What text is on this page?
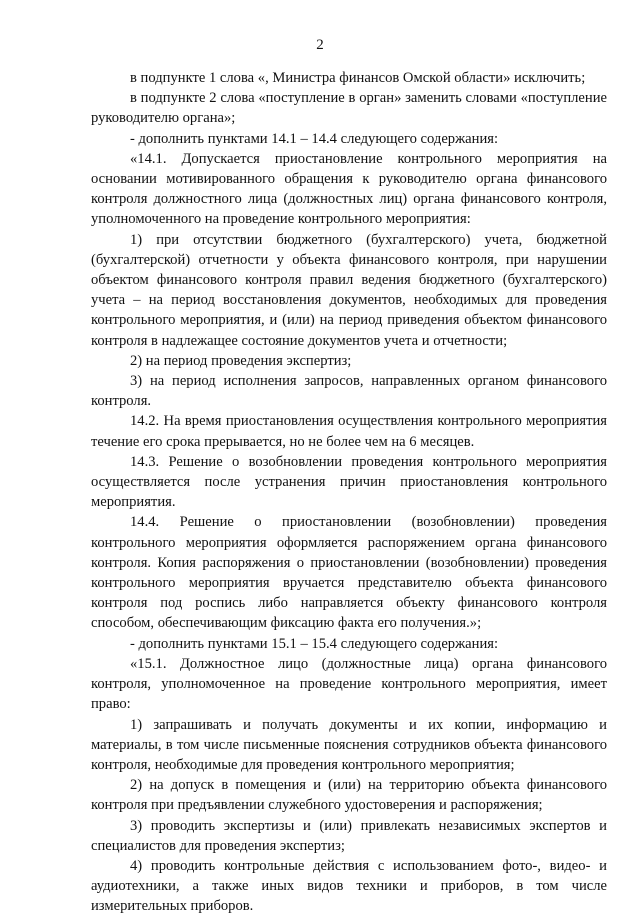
2

в подпункте 1 слова «, Министра финансов Омской области» исключить;

в подпункте 2 слова «поступление в орган» заменить словами «поступление руководителю органа»;

- дополнить пунктами 14.1 – 14.4 следующего содержания:

«14.1. Допускается приостановление контрольного мероприятия на основании мотивированного обращения к руководителю органа финансового контроля должностного лица (должностных лиц) органа финансового контроля, уполномоченного на проведение контрольного мероприятия:

1) при отсутствии бюджетного (бухгалтерского) учета, бюджетной (бухгалтерской) отчетности у объекта финансового контроля, при нарушении объектом финансового контроля правил ведения бюджетного (бухгалтерского) учета – на период восстановления документов, необходимых для проведения контрольного мероприятия, и (или) на период приведения объектом финансового контроля в надлежащее состояние документов учета и отчетности;

2) на период проведения экспертиз;

3) на период исполнения запросов, направленных органом финансового контроля.

14.2. На время приостановления осуществления контрольного мероприятия течение его срока прерывается, но не более чем на 6 месяцев.

14.3. Решение о возобновлении проведения контрольного мероприятия осуществляется после устранения причин приостановления контрольного мероприятия.

14.4. Решение о приостановлении (возобновлении) проведения контрольного мероприятия оформляется распоряжением органа финансового контроля. Копия распоряжения о приостановлении (возобновлении) проведения контрольного мероприятия вручается представителю объекта финансового контроля под роспись либо направляется объекту финансового контроля способом, обеспечивающим фиксацию факта его получения.»;

- дополнить пунктами 15.1 – 15.4 следующего содержания:

«15.1. Должностное лицо (должностные лица) органа финансового контроля, уполномоченное на проведение контрольного мероприятия, имеет право:

1) запрашивать и получать документы и их копии, информацию и материалы, в том числе письменные пояснения сотрудников объекта финансового контроля, необходимые для проведения контрольного мероприятия;

2) на допуск в помещения и (или) на территорию объекта финансового контроля при предъявлении служебного удостоверения и распоряжения;

3) проводить экспертизы и (или) привлекать независимых экспертов и специалистов для проведения экспертиз;

4) проводить контрольные действия с использованием фото-, видео- и аудиотехники, а также иных видов техники и приборов, в том числе измерительных приборов.
